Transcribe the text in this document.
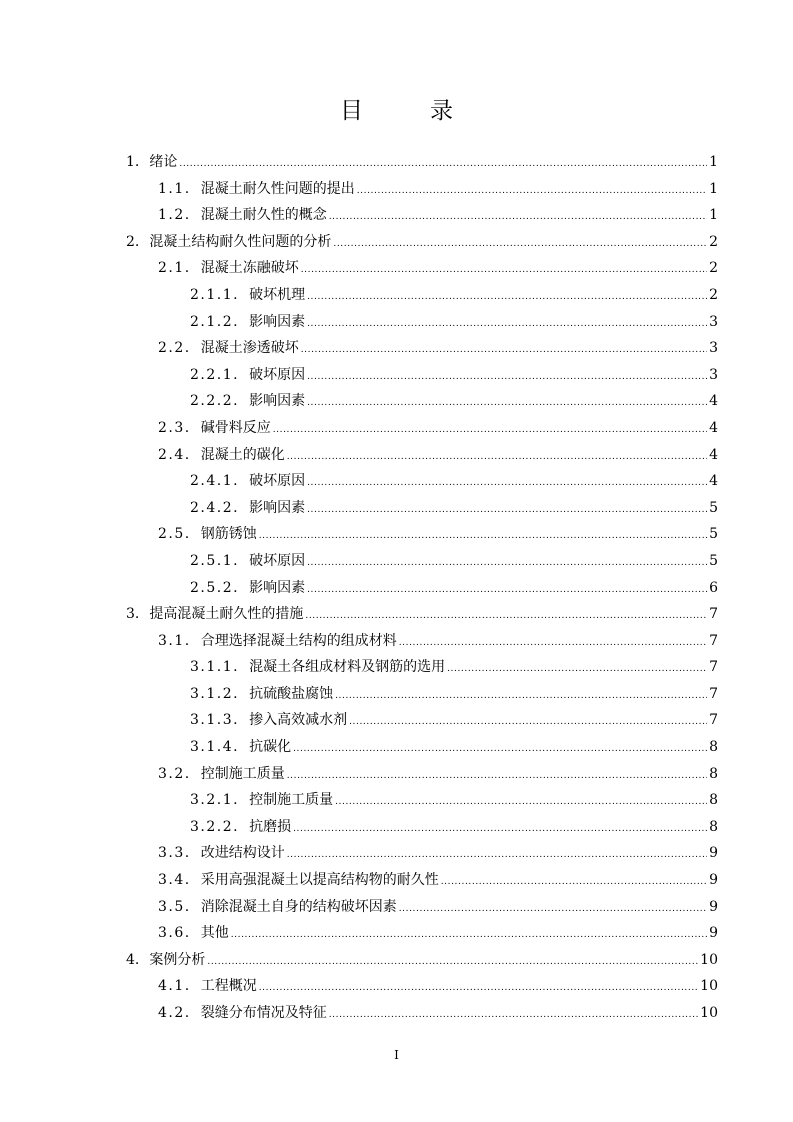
目　录
1. 绪论 .....	1
1.1. 混凝土耐久性问题的提出 .....	1
1.2. 混凝土耐久性的概念 .....	1
2. 混凝土结构耐久性问题的分析 .....	2
2.1. 混凝土冻融破坏 .....	2
2.1.1. 破坏机理 .....	2
2.1.2. 影响因素 .....	3
2.2. 混凝土渗透破坏 .....	3
2.2.1. 破坏原因 .....	3
2.2.2. 影响因素 .....	4
2.3. 碱骨料反应 .....	4
2.4. 混凝土的碳化 .....	4
2.4.1. 破坏原因 .....	4
2.4.2. 影响因素 .....	5
2.5. 钢筋锈蚀 .....	5
2.5.1. 破坏原因 .....	5
2.5.2. 影响因素 .....	6
3. 提高混凝土耐久性的措施 .....	7
3.1. 合理选择混凝土结构的组成材料 .....	7
3.1.1. 混凝土各组成材料及钢筋的选用 .....	7
3.1.2. 抗硫酸盐腐蚀 .....	7
3.1.3. 掺入高效减水剂 .....	7
3.1.4. 抗碳化 .....	8
3.2. 控制施工质量 .....	8
3.2.1. 控制施工质量 .....	8
3.2.2. 抗磨损 .....	8
3.3. 改进结构设计 .....	9
3.4. 采用高强混凝土以提高结构物的耐久性 .....	9
3.5. 消除混凝土自身的结构破坏因素 .....	9
3.6. 其他 .....	9
4. 案例分析 .....	10
4.1. 工程概况 .....	10
4.2. 裂缝分布情况及特征 .....	10
I
